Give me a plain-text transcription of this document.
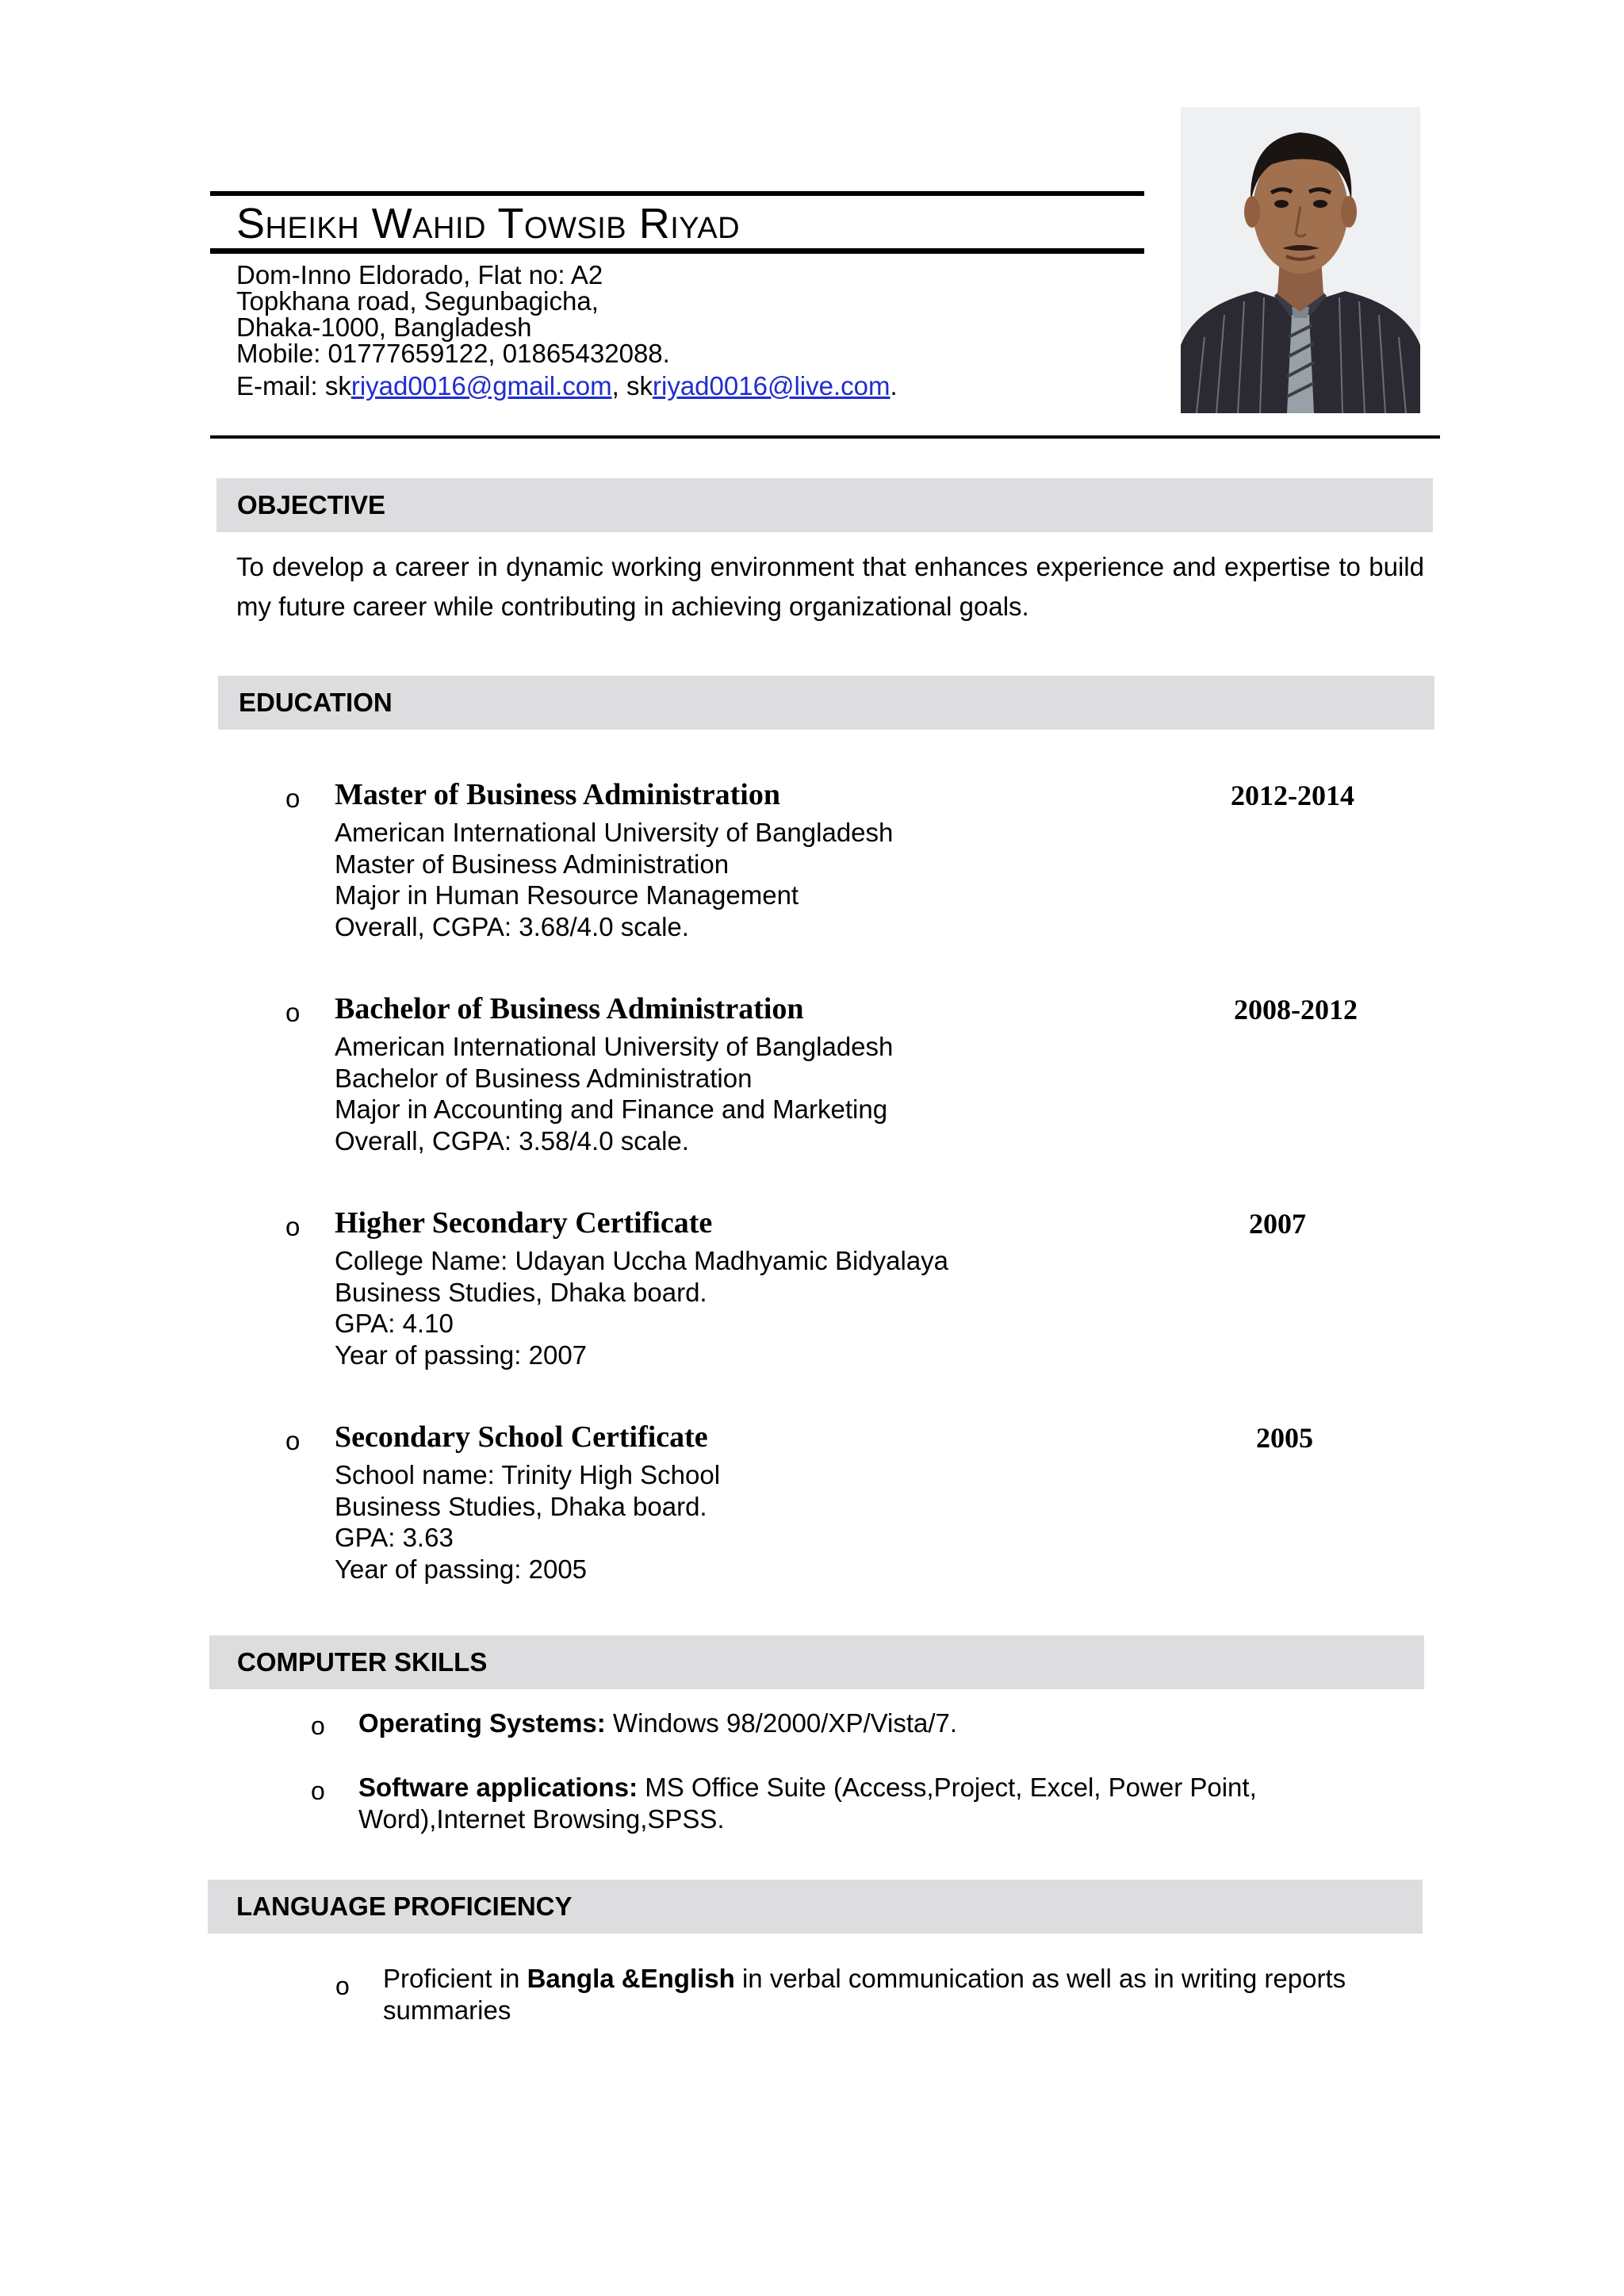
SHEIKH WAHID TOWSIB RIYAD
Dom-Inno Eldorado, Flat no: A2
Topkhana road, Segunbagicha,
Dhaka-1000, Bangladesh
Mobile: 01777659122, 01865432088.
E-mail: skriyad0016@gmail.com, skriyad0016@live.com.
OBJECTIVE
To develop a career in dynamic working environment that enhances experience and expertise to build my future career while contributing in achieving organizational goals.
EDUCATION
o Master of Business Administration	2012-2014
American International University of Bangladesh
Master of Business Administration
Major in Human Resource Management
Overall, CGPA: 3.68/4.0 scale.
o Bachelor of Business Administration	2008-2012
American International University of Bangladesh
Bachelor of Business Administration
Major in Accounting and Finance and Marketing
Overall, CGPA: 3.58/4.0 scale.
o Higher Secondary Certificate	2007
College Name: Udayan Uccha Madhyamic Bidyalaya
Business Studies, Dhaka board.
GPA: 4.10
Year of passing: 2007
o Secondary School Certificate	2005
School name: Trinity High School
Business Studies, Dhaka board.
GPA: 3.63
Year of passing: 2005
COMPUTER SKILLS
o Operating Systems: Windows 98/2000/XP/Vista/7.
o Software applications: MS Office Suite (Access,Project, Excel, Power Point, Word),Internet Browsing,SPSS.
LANGUAGE PROFICIENCY
o Proficient in Bangla &English in verbal communication as well as in writing reports summaries
